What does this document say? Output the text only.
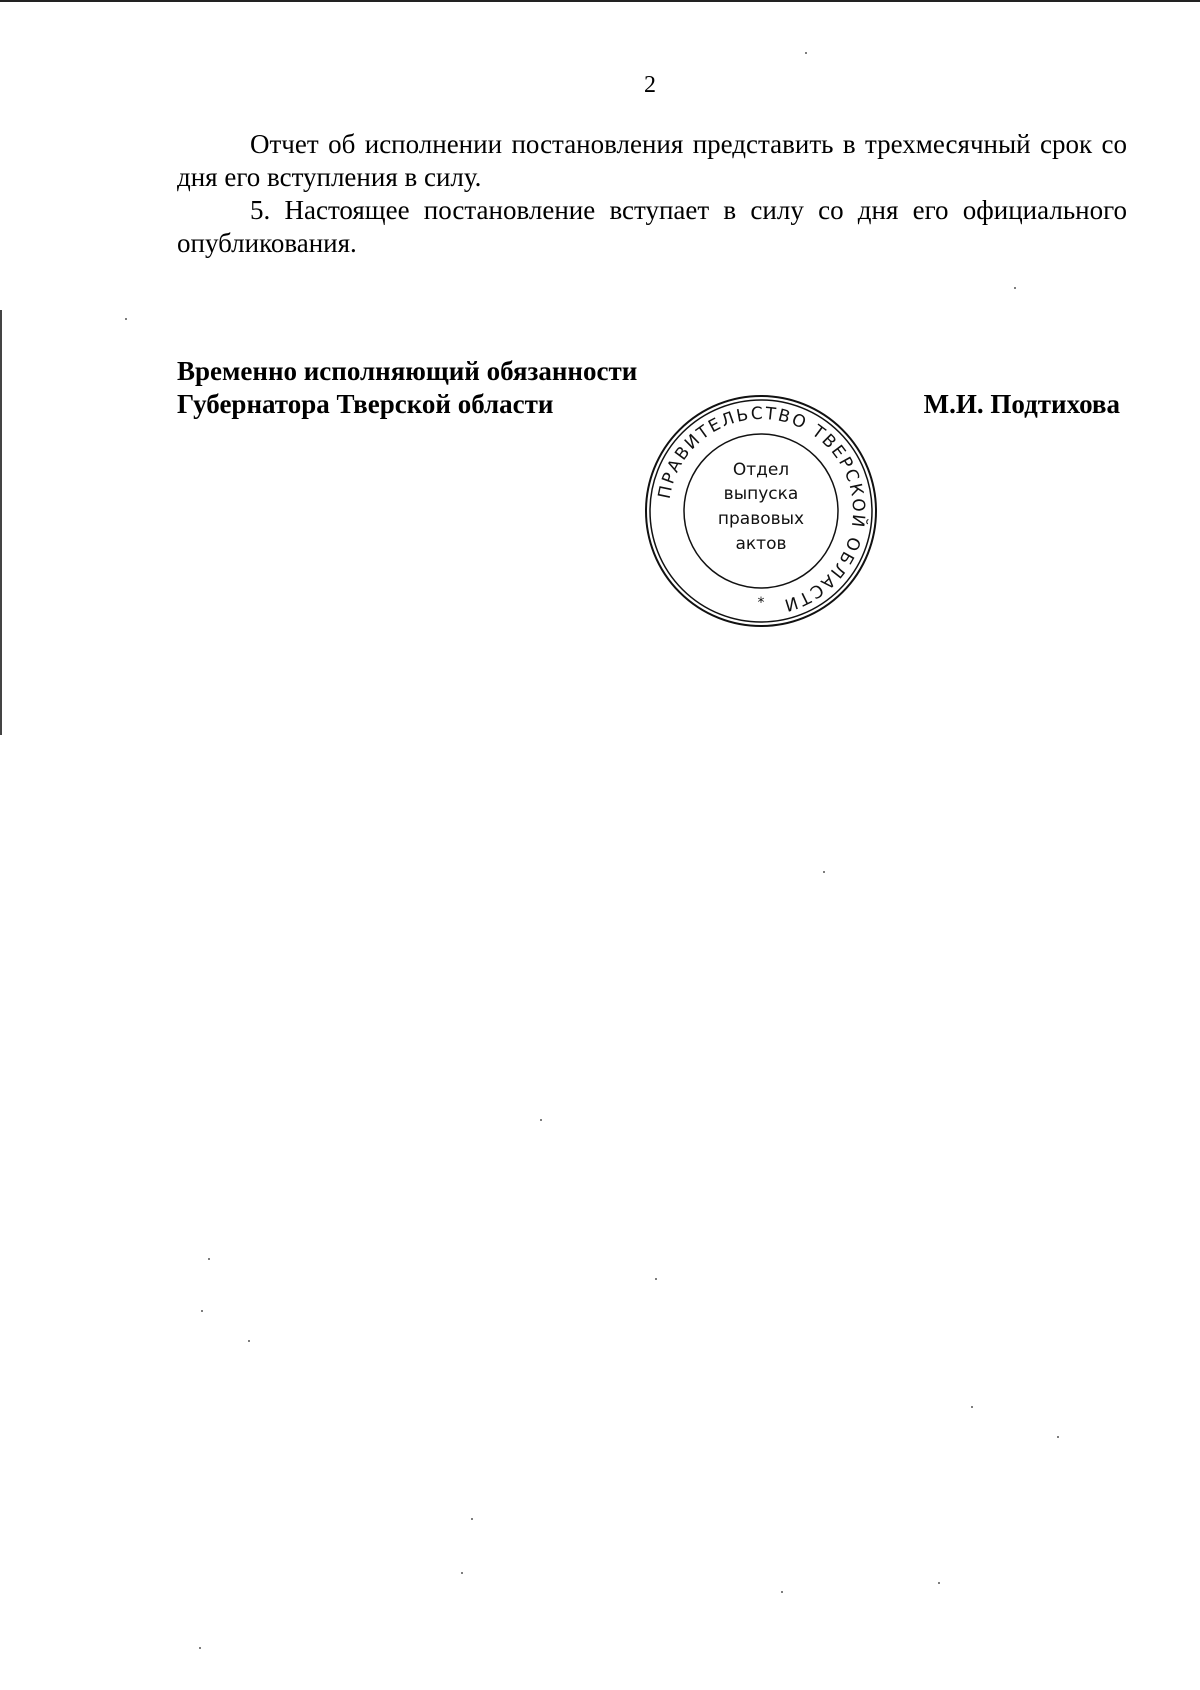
2

Отчет об исполнении постановления представить в трехмесячный срок со дня его вступления в силу.

5. Настоящее постановление вступает в силу со дня его официального опубликования.

Временно исполняющий обязанности
Губернатора Тверской области	М.И. Подтихова
ПРАВИТЕЛЬСТВО ТВЕРСКОЙ ОБЛАСТИ
Отдел
выпуска
правовых
актов
*
